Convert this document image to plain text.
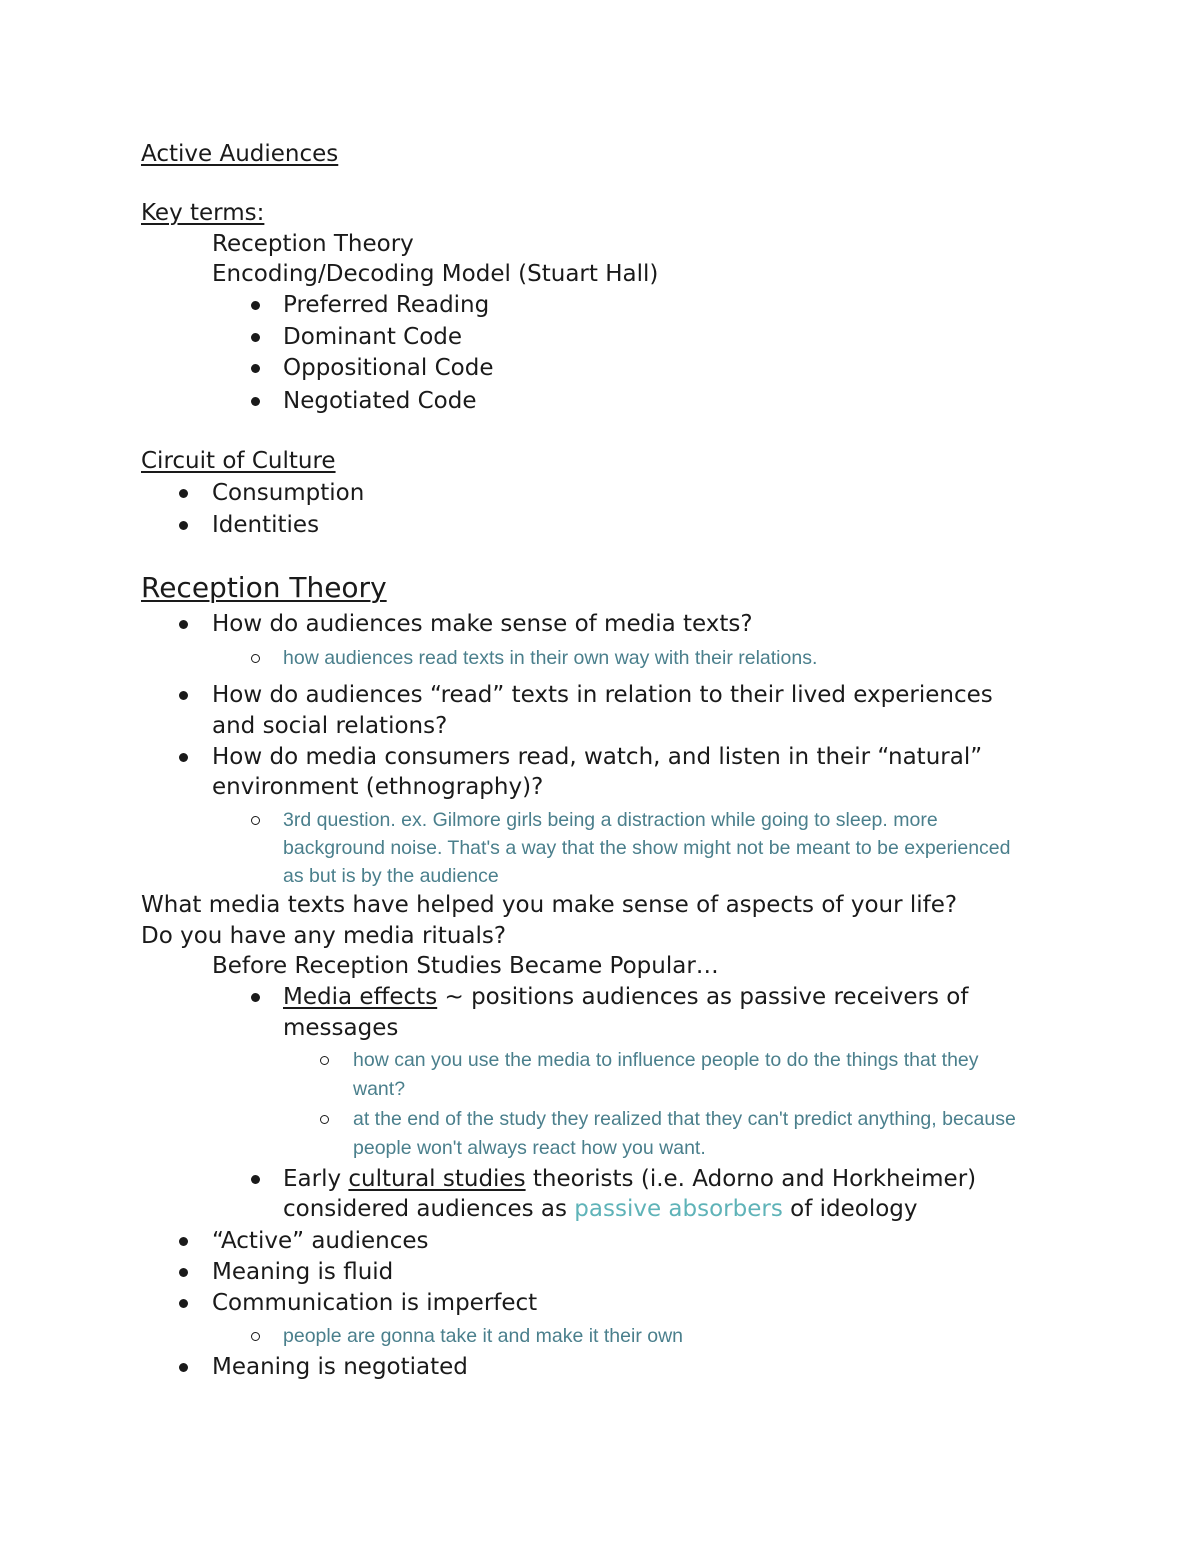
Active Audiences
Key terms:
Reception Theory
Encoding/Decoding Model (Stuart Hall)
Preferred Reading
Dominant Code
Oppositional Code
Negotiated Code
Circuit of Culture
Consumption
Identities
Reception Theory
How do audiences make sense of media texts?
how audiences read texts in their own way with their relations.
How do audiences “read” texts in relation to their lived experiences
and social relations?
How do media consumers read, watch, and listen in their “natural”
environment (ethnography)?
3rd question. ex. Gilmore girls being a distraction while going to sleep. more
background noise. That's a way that the show might not be meant to be experienced
as but is by the audience
What media texts have helped you make sense of aspects of your life?
Do you have any media rituals?
Before Reception Studies Became Popular…
Media effects ~ positions audiences as passive receivers of
messages
how can you use the media to influence people to do the things that they
want?
at the end of the study they realized that they can't predict anything, because
people won't always react how you want.
Early cultural studies theorists (i.e. Adorno and Horkheimer)
considered audiences as passive absorbers of ideology
“Active” audiences
Meaning is fluid
Communication is imperfect
people are gonna take it and make it their own
Meaning is negotiated
